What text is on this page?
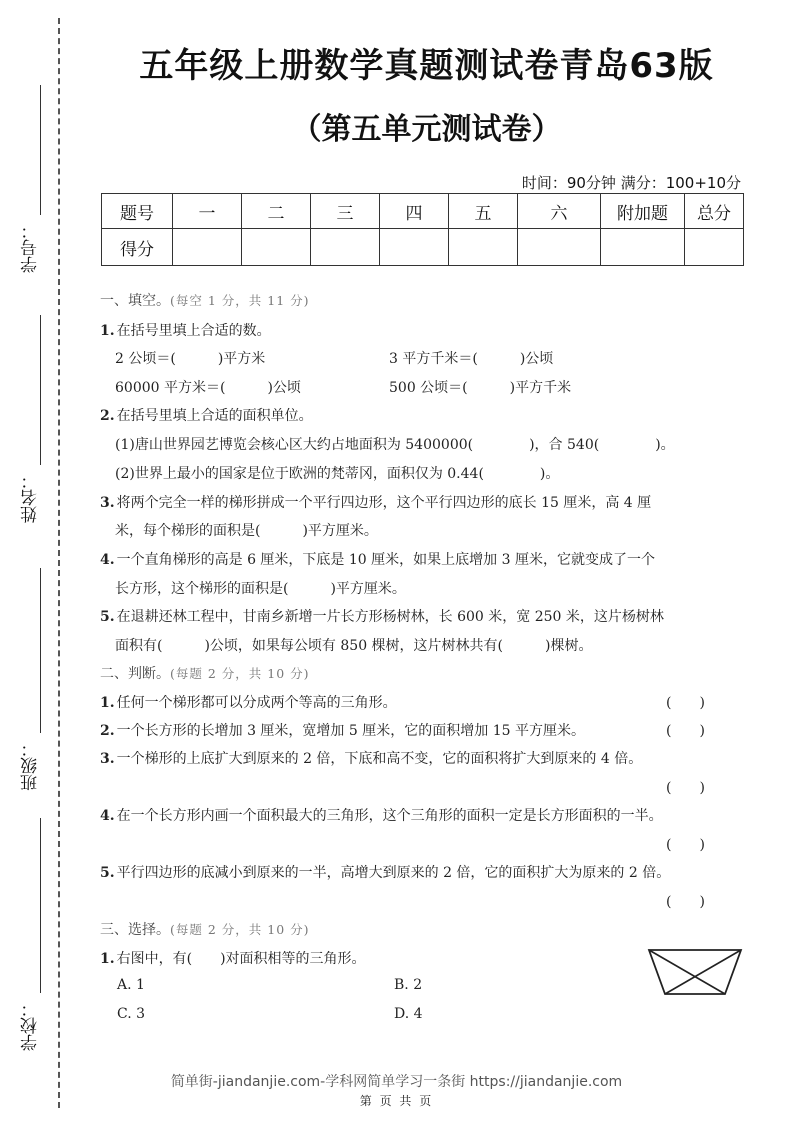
学号：
姓名：
班级：
学校：
五年级上册数学真题测试卷青岛63版
（第五单元测试卷）
时间：90分钟 满分：100+10分
题号	一	二	三	四	五	六	附加题	总分
得分								
一、填空。(每空 1 分，共 11 分)
1. 在括号里填上合适的数。
2 公顷＝(　　　)平方米	3 平方千米＝(　　　)公顷
60000 平方米＝(　　　)公顷	500 公顷＝(　　　)平方千米
2. 在括号里填上合适的面积单位。
(1)唐山世界园艺博览会核心区大约占地面积为 5400000(　　　　)，合 540(　　　　)。
(2)世界上最小的国家是位于欧洲的梵蒂冈，面积仅为 0.44(　　　　)。
3. 将两个完全一样的梯形拼成一个平行四边形，这个平行四边形的底长 15 厘米，高 4 厘
米，每个梯形的面积是(　　　)平方厘米。
4. 一个直角梯形的高是 6 厘米，下底是 10 厘米，如果上底增加 3 厘米，它就变成了一个
长方形，这个梯形的面积是(　　　)平方厘米。
5. 在退耕还林工程中，甘南乡新增一片长方形杨树林，长 600 米，宽 250 米，这片杨树林
面积有(　　　)公顷，如果每公顷有 850 棵树，这片树林共有(　　　)棵树。
二、判断。(每题 2 分，共 10 分)
1. 任何一个梯形都可以分成两个等高的三角形。	(　　)
2. 一个长方形的长增加 3 厘米，宽增加 5 厘米，它的面积增加 15 平方厘米。	(　　)
3. 一个梯形的上底扩大到原来的 2 倍，下底和高不变，它的面积将扩大到原来的 4 倍。
(　　)
4. 在一个长方形内画一个面积最大的三角形，这个三角形的面积一定是长方形面积的一半。
(　　)
5. 平行四边形的底减小到原来的一半，高增大到原来的 2 倍，它的面积扩大为原来的 2 倍。
(　　)
三、选择。(每题 2 分，共 10 分)
1. 右图中，有(　　)对面积相等的三角形。
A. 1	B. 2
C. 3	D. 4
简单街-jiandanjie.com-学科网简单学习一条街 https://jiandanjie.com
第 页 共 页
